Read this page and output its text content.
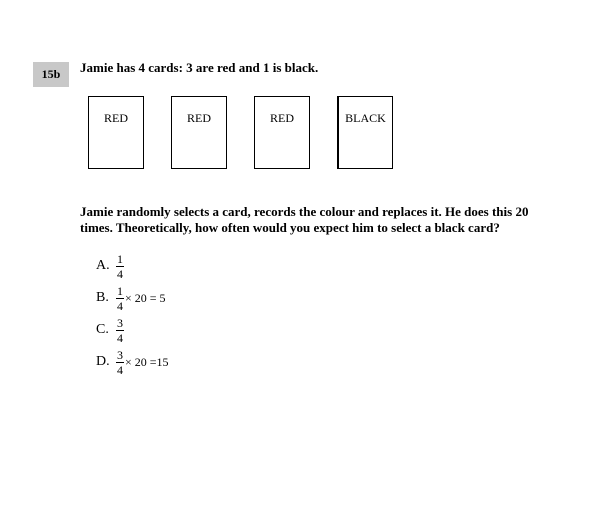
15b	Jamie has 4 cards: 3 are red and 1 is black.
RED	RED	RED	BLACK
Jamie randomly selects a card, records the colour and replaces it. He does this 20
times. Theoretically, how often would you expect him to select a black card?
A. $\frac{1}{4}$
B. $\frac{1}{4} \times 20 = 5$
C. $\frac{3}{4}$
D. $\frac{3}{4} \times 20 =15$
